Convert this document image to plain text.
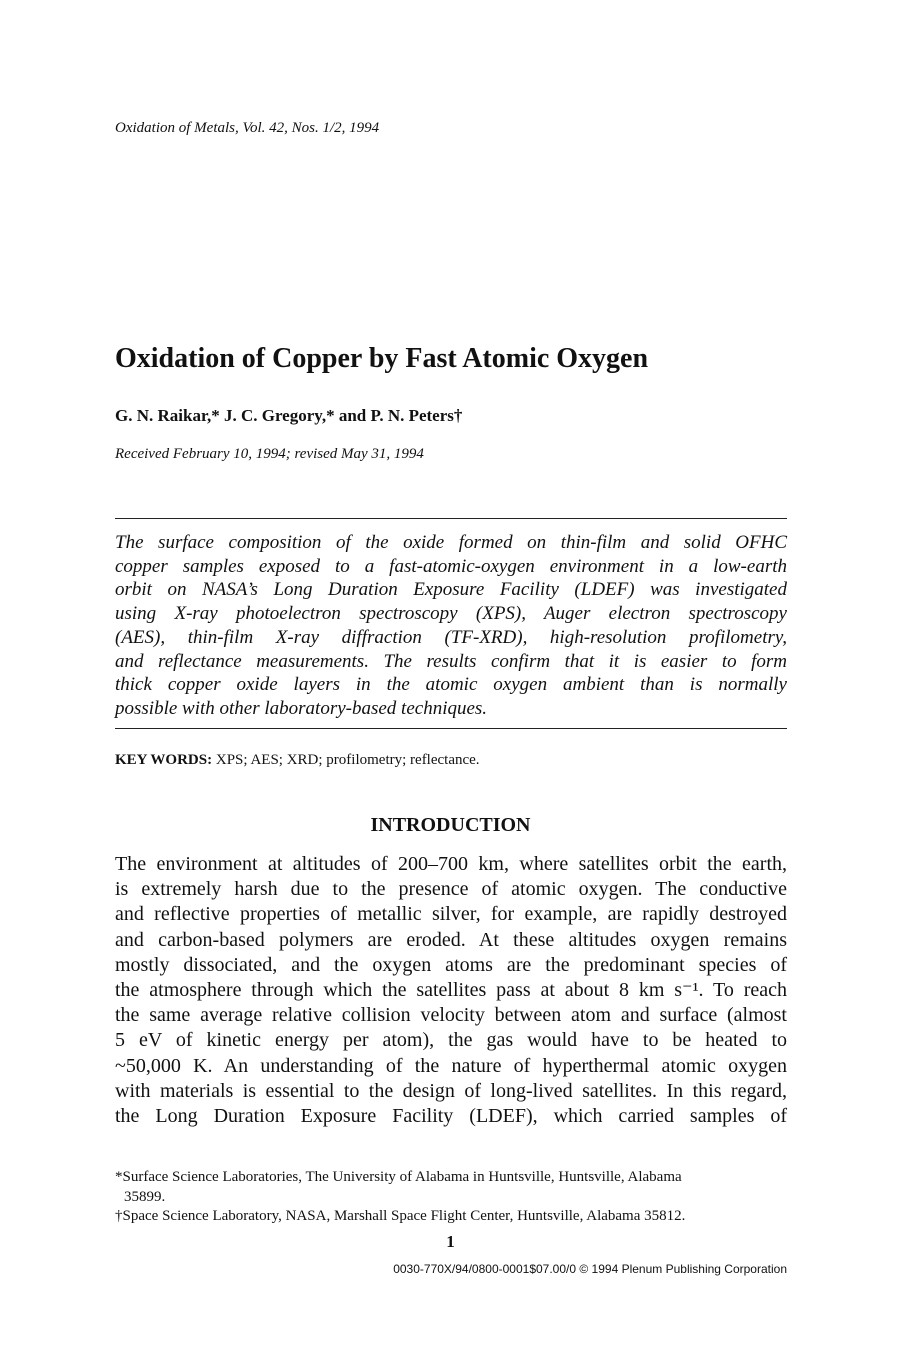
Oxidation of Metals, Vol. 42, Nos. 1/2, 1994
Oxidation of Copper by Fast Atomic Oxygen
G. N. Raikar,* J. C. Gregory,* and P. N. Peters†
Received February 10, 1994; revised May 31, 1994
The surface composition of the oxide formed on thin-film and solid OFHC
copper samples exposed to a fast-atomic-oxygen environment in a low-earth
orbit on NASA’s Long Duration Exposure Facility (LDEF) was investigated
using X-ray photoelectron spectroscopy (XPS), Auger electron spectroscopy
(AES), thin-film X-ray diffraction (TF-XRD), high-resolution profilometry,
and reflectance measurements. The results confirm that it is easier to form
thick copper oxide layers in the atomic oxygen ambient than is normally
possible with other laboratory-based techniques.
KEY WORDS: XPS; AES; XRD; profilometry; reflectance.
INTRODUCTION
The environment at altitudes of 200–700 km, where satellites orbit the earth,
is extremely harsh due to the presence of atomic oxygen. The conductive
and reflective properties of metallic silver, for example, are rapidly destroyed
and carbon-based polymers are eroded. At these altitudes oxygen remains
mostly dissociated, and the oxygen atoms are the predominant species of
the atmosphere through which the satellites pass at about 8 km s⁻¹. To reach
the same average relative collision velocity between atom and surface (almost
5 eV of kinetic energy per atom), the gas would have to be heated to
~50,000 K. An understanding of the nature of hyperthermal atomic oxygen
with materials is essential to the design of long-lived satellites. In this regard,
the Long Duration Exposure Facility (LDEF), which carried samples of
*Surface Science Laboratories, The University of Alabama in Huntsville, Huntsville, Alabama
35899.
†Space Science Laboratory, NASA, Marshall Space Flight Center, Huntsville, Alabama 35812.
1
0030-770X/94/0800-0001$07.00/0 © 1994 Plenum Publishing Corporation
